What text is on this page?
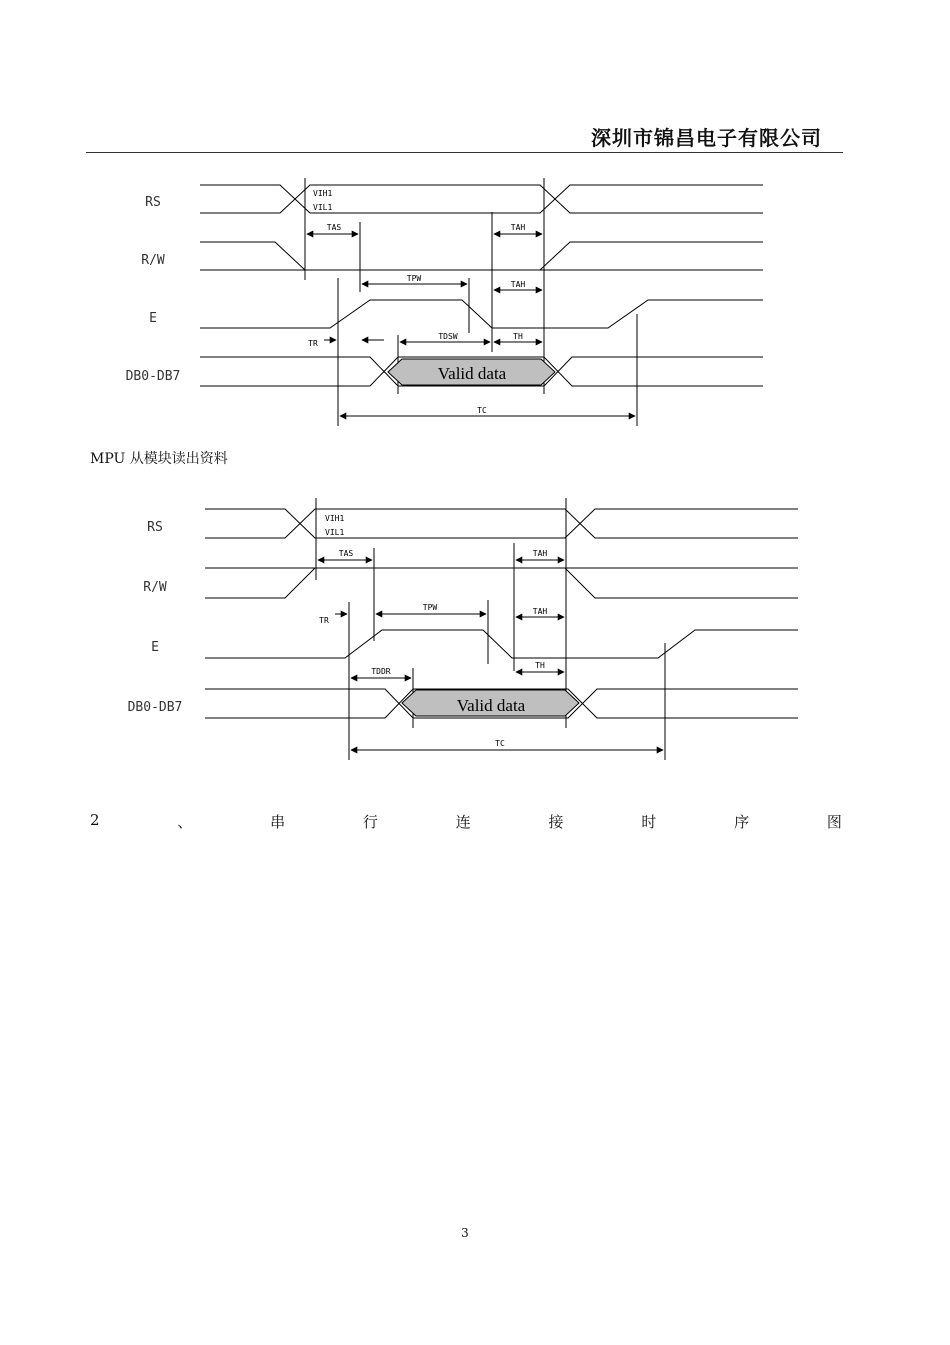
深圳市锦昌电子有限公司
Valid data
RS
R/W
E
DB0-DB7
VIH1
VIL1
TAS	TAH
TPW
TAH
TR
TDSW	TH
TC
MPU 从模块读出资料
Valid data
RS
R/W
E
DB0-DB7
VIH1
VIL1
TAS	TAH
TPW	TAH
TR
TDDR
TH
TC
2	、	串	行	连	接	时	序	图
3
